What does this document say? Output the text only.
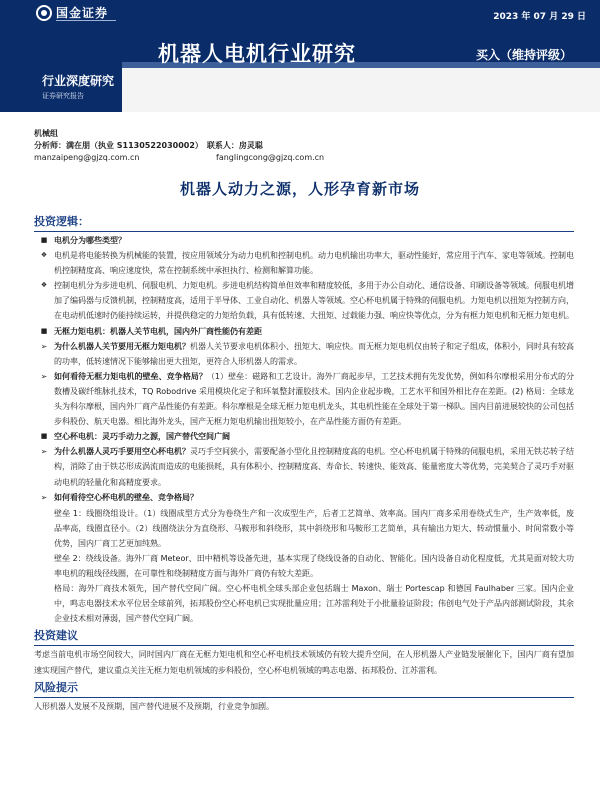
国金证券	2023 年 07 月 29 日
机器人电机行业研究	买入（维持评级）
行业深度研究
证券研究报告
机械组
分析师：满在朋（执业 S1130522030002） 联系人：房灵聪
manzaipeng@gjzq.com.cn	fanglingcong@gjzq.com.cn
机器人动力之源，人形孕育新市场
投资逻辑：
■
电机分为哪些类型？
❖
电机是将电能转换为机械能的装置，按应用领域分为动力电机和控制电机。动力电机输出功率大，驱动性能好，常应用于汽车、家电等领域。控制电机控制精度高、响应速度快，常在控制系统中承担执行、检测和解算功能。
❖
控制电机分为步进电机、伺服电机、力矩电机。步进电机结构简单但效率和精度较低，多用于办公自动化、通信设备、印刷设备等领域。伺服电机增加了编码器与反馈机制，控制精度高，适用于半导体、工业自动化、机器人等领域。空心杯电机属于特殊的伺服电机。力矩电机以扭矩为控制方向，在电动机低速时仍能持续运转，并提供稳定的力矩给负载，具有低转速、大扭矩、过载能力强、响应快等优点，分为有框力矩电机和无框力矩电机。
■
无框力矩电机：机器人关节电机，国内外厂商性能仍有差距
➢
为什么机器人关节要用无框力矩电机？机器人关节要求电机体积小、扭矩大、响应快。而无框力矩电机仅由转子和定子组成，体积小，同时具有较高的功率，低转速情况下能够输出更大扭矩，更符合人形机器人的需求。
➢
如何看待无框力矩电机的壁垒、竞争格局？（1）壁垒：磁路和工艺设计。海外厂商起步早，工艺技术拥有先发优势，例如科尔摩根采用分布式的分数槽及碳纤维脉扎技术，TQ Robodrive 采用模块化定子和环氧整封灌胶技术。国内企业起步晚，工艺水平和国外相比存在差距。(2) 格局：全球龙头为科尔摩根，国内外厂商产品性能仍有差距。科尔摩根是全球无框力矩电机龙头，其电机性能在全球处于第一梯队。国内目前进展较快的公司包括步科股份、航天电器。相比海外龙头，国产无框力矩电机输出扭矩较小，在产品性能方面仍有差距。
■
空心杯电机：灵巧手动力之源，国产替代空间广阔
➢
为什么机器人灵巧手要用空心杯电机？灵巧手空间狭小，需要配备小型化且控制精度高的电机。空心杯电机属于特殊的伺服电机，采用无铁芯转子结构，消除了由于铁芯形成涡流而造成的电能损耗，具有体积小、控制精度高、寿命长、转速快、能效高、能量密度大等优势，完美契合了灵巧手对驱动电机的轻量化和高精度要求。
➢
如何看待空心杯电机的壁垒、竞争格局？
壁垒 1：线圈绕组设计。（1）线圈成型方式分为卷绕生产和一次成型生产，后者工艺简单、效率高。国内厂商多采用卷绕式生产，生产效率低，废品率高，线圈直径小。（2）线圈绕法分为直绕形、马鞍形和斜绕形，其中斜绕形和马鞍形工艺简单，具有输出力矩大、转动惯量小、时间常数小等优势，国内厂商工艺更加纯熟。
壁垒 2：绕线设备。海外厂商 Meteor、田中精机等设备先进，基本实现了绕线设备的自动化、智能化。国内设备自动化程度低，尤其是面对较大功率电机的粗线径线圈，在可靠性和绕制精度方面与海外厂商仍有较大差距。
格局：海外厂商技术领先，国产替代空间广阔。空心杯电机全球头部企业包括瑞士 Maxon、瑞士 Portescap 和德国 Faulhaber 三家。国内企业中，鸣志电器技术水平位居全球前列，拓邦股份空心杯电机已实现批量应用；江苏雷利处于小批量验证阶段；伟创电气处于产品内部测试阶段，其余企业技术相对薄弱，国产替代空间广阔。
投资建议
考虑当前电机市场空间较大，同时国内厂商在无框力矩电机和空心杯电机技术领域仍有较大提升空间，在人形机器人产业链发展催化下，国内厂商有望加速实现国产替代，建议重点关注无框力矩电机领域的步科股份，空心杯电机领域的鸣志电器、拓邦股份、江苏雷利。
风险提示
人形机器人发展不及预期，国产替代进展不及预期，行业竞争加剧。
